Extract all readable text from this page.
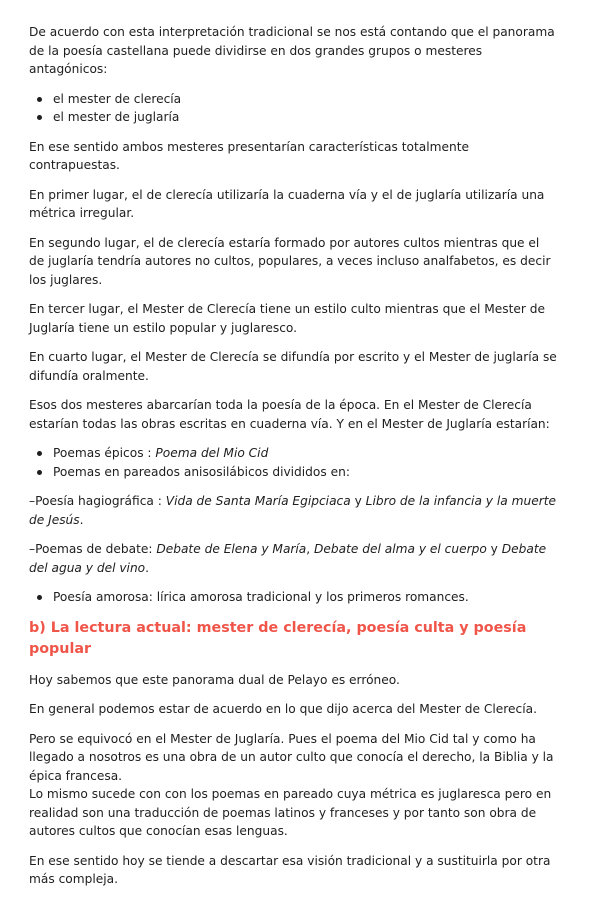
De acuerdo con esta interpretación tradicional se nos está contando que el panorama de la poesía castellana puede dividirse en dos grandes grupos o mesteres antagónicos:

el mester de clerecía
el mester de juglaría

En ese sentido ambos mesteres presentarían características totalmente contrapuestas.

En primer lugar, el de clerecía utilizaría la cuaderna vía y el de juglaría utilizaría una métrica irregular.

En segundo lugar, el de clerecía estaría formado por autores cultos mientras que el de juglaría tendría autores no cultos, populares, a veces incluso analfabetos, es decir los juglares.

En tercer lugar, el Mester de Clerecía tiene un estilo culto mientras que el Mester de Juglaría tiene un estilo popular y juglaresco.

En cuarto lugar, el Mester de Clerecía se difundía por escrito y el Mester de juglaría se difundía oralmente.

Esos dos mesteres abarcarían toda la poesía de la época. En el Mester de Clerecía estarían todas las obras escritas en cuaderna vía. Y en el Mester de Juglaría estarían:

Poemas épicos : Poema del Mio Cid
Poemas en pareados anisosilábicos divididos en:

–Poesía hagiográfica : Vida de Santa María Egipciaca y Libro de la infancia y la muerte de Jesús.

–Poemas de debate: Debate de Elena y María, Debate del alma y el cuerpo y Debate del agua y del vino.

Poesía amorosa: lírica amorosa tradicional y los primeros romances.
b) La lectura actual: mester de clerecía, poesía culta y poesía popular

Hoy sabemos que este panorama dual de Pelayo es erróneo.

En general podemos estar de acuerdo en lo que dijo acerca del Mester de Clerecía.

Pero se equivocó en el Mester de Juglaría. Pues el poema del Mio Cid tal y como ha llegado a nosotros es una obra de un autor culto que conocía el derecho, la Biblia y la épica francesa.

Lo mismo sucede con con los poemas en pareado cuya métrica es juglaresca pero en realidad son una traducción de poemas latinos y franceses y por tanto son obra de autores cultos que conocían esas lenguas.

En ese sentido hoy se tiende a descartar esa visión tradicional y a sustituirla por otra más compleja.
